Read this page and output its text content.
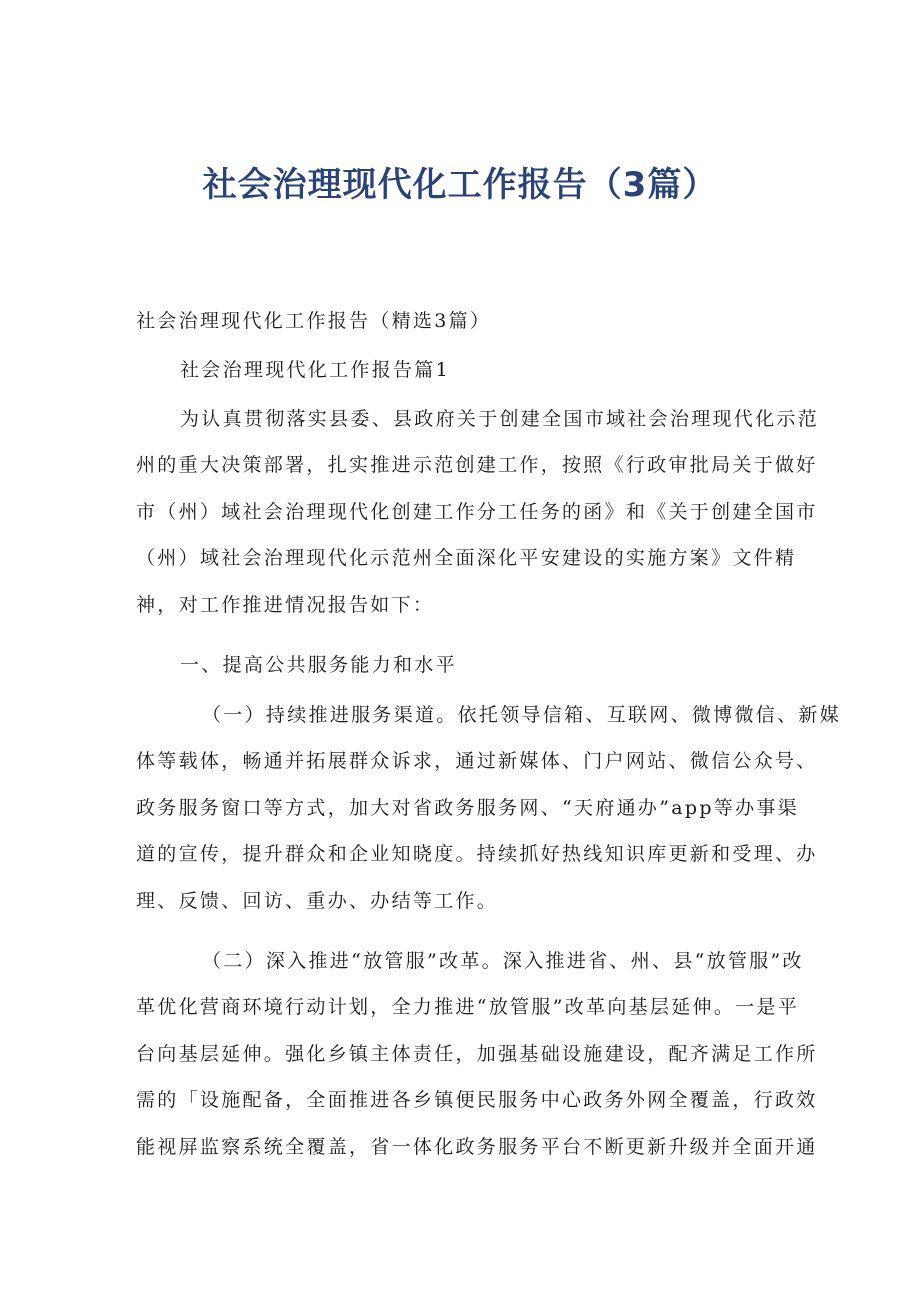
社会治理现代化工作报告（3篇）
社会治理现代化工作报告（精选3篇）
社会治理现代化工作报告篇1
为认真贯彻落实县委、县政府关于创建全国市域社会治理现代化示范
州的重大决策部署，扎实推进示范创建工作，按照《行政审批局关于做好
市（州）域社会治理现代化创建工作分工任务的函》和《关于创建全国市
（州）域社会治理现代化示范州全面深化平安建设的实施方案》文件精
神，对工作推进情况报告如下：
一、提高公共服务能力和水平
（一）持续推进服务渠道。依托领导信箱、互联网、微博微信、新媒
体等载体，畅通并拓展群众诉求，通过新媒体、门户网站、微信公众号、
政务服务窗口等方式，加大对省政务服务网、“天府通办”app等办事渠
道的宣传，提升群众和企业知晓度。持续抓好热线知识库更新和受理、办
理、反馈、回访、重办、办结等工作。
（二）深入推进“放管服”改革。深入推进省、州、县“放管服”改
革优化营商环境行动计划，全力推进“放管服”改革向基层延伸。一是平
台向基层延伸。强化乡镇主体责任，加强基础设施建设，配齐满足工作所
需的「设施配备，全面推进各乡镇便民服务中心政务外网全覆盖，行政效
能视屏监察系统全覆盖，省一体化政务服务平台不断更新升级并全面开通
